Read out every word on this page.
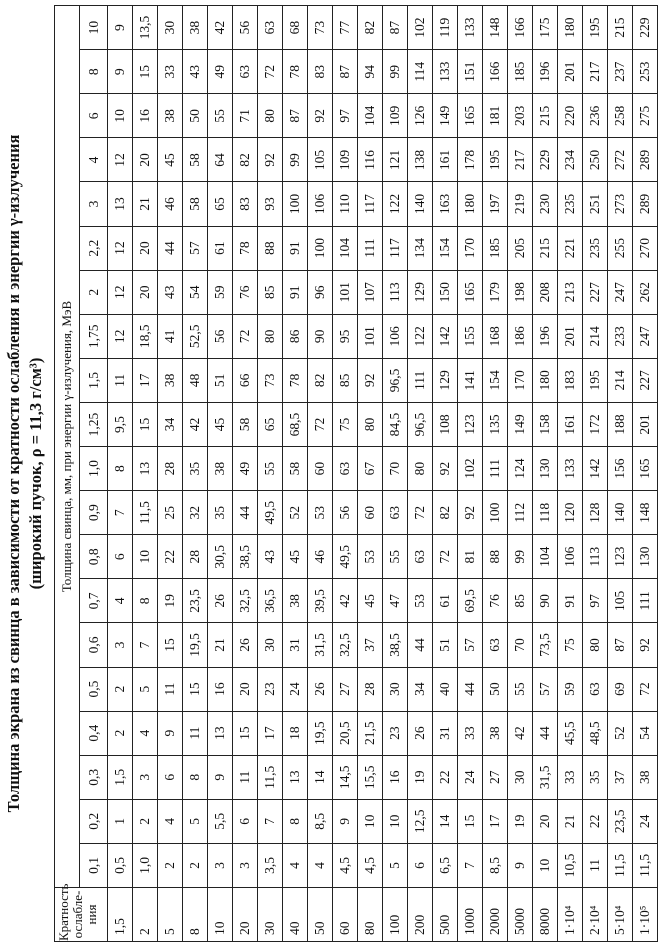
Толщина экрана из свинца в зависимости от кратности ослабления и энергии γ-излучения (широкий пучок, ρ = 11,3 г/см³)
Кратность ослабле-ния	Толщина свинца, мм, при энергии γ-излучения, МэВ																			
	0,1	0,2	0,3	0,4	0,5	0,6	0,7	0,8	0,9	1,0	1,25	1,5	1,75	2	2,2	3	4	6	8	10
1,5	0,5	1	1,5	2	2	3	4	6	7	8	9,5	11	12	12	12	13	12	10	9	9
2	1,0	2	3	4	5	7	8	10	11,5	13	15	17	18,5	20	20	21	20	16	15	13,5
5	2	4	6	9	11	15	19	22	25	28	34	38	41	43	44	46	45	38	33	30
8	2	5	8	11	15	19,5	23,5	28	32	35	42	48	52,5	54	57	58	58	50	43	38
10	3	5,5	9	13	16	21	26	30,5	35	38	45	51	56	59	61	65	64	55	49	42
20	3	6	11	15	20	26	32,5	38,5	44	49	58	66	72	76	78	83	82	71	63	56
30	3,5	7	11,5	17	23	30	36,5	43	49,5	55	65	73	80	85	88	93	92	80	72	63
40	4	8	13	18	24	31	38	45	52	58	68,5	78	86	91	91	100	99	87	78	68
50	4	8,5	14	19,5	26	31,5	39,5	46	53	60	72	82	90	96	100	106	105	92	83	73
60	4,5	9	14,5	20,5	27	32,5	42	49,5	56	63	75	85	95	101	104	110	109	97	87	77
80	4,5	10	15,5	21,5	28	37	45	53	60	67	80	92	101	107	111	117	116	104	94	82
100	5	10	16	23	30	38,5	47	55	63	70	84,5	96,5	106	113	117	122	121	109	99	87
200	6	12,5	19	26	34	44	53	63	72	80	96,5	111	122	129	134	140	138	126	114	102
500	6,5	14	22	31	40	51	61	72	82	92	108	129	142	150	154	163	161	149	133	119
1000	7	15	24	33	44	57	69,5	81	92	102	123	141	155	165	170	180	178	165	151	133
2000	8,5	17	27	38	50	63	76	88	100	111	135	154	168	179	185	197	195	181	166	148
5000	9	19	30	42	55	70	85	99	112	124	149	170	186	198	205	219	217	203	185	166
8000	10	20	31,5	44	57	73,5	90	104	118	130	158	180	196	208	215	230	229	215	196	175
1·10⁴	10,5	21	33	45,5	59	75	91	106	120	133	161	183	201	213	221	235	234	220	201	180
2·10⁴	11	22	35	48,5	63	80	97	113	128	142	172	195	214	227	235	251	250	236	217	195
5·10⁴	11,5	23,5	37	52	69	87	105	123	140	156	188	214	233	247	255	273	272	258	237	215
1·10⁵	11,5	24	38	54	72	92	111	130	148	165	201	227	247	262	270	289	289	275	253	229
